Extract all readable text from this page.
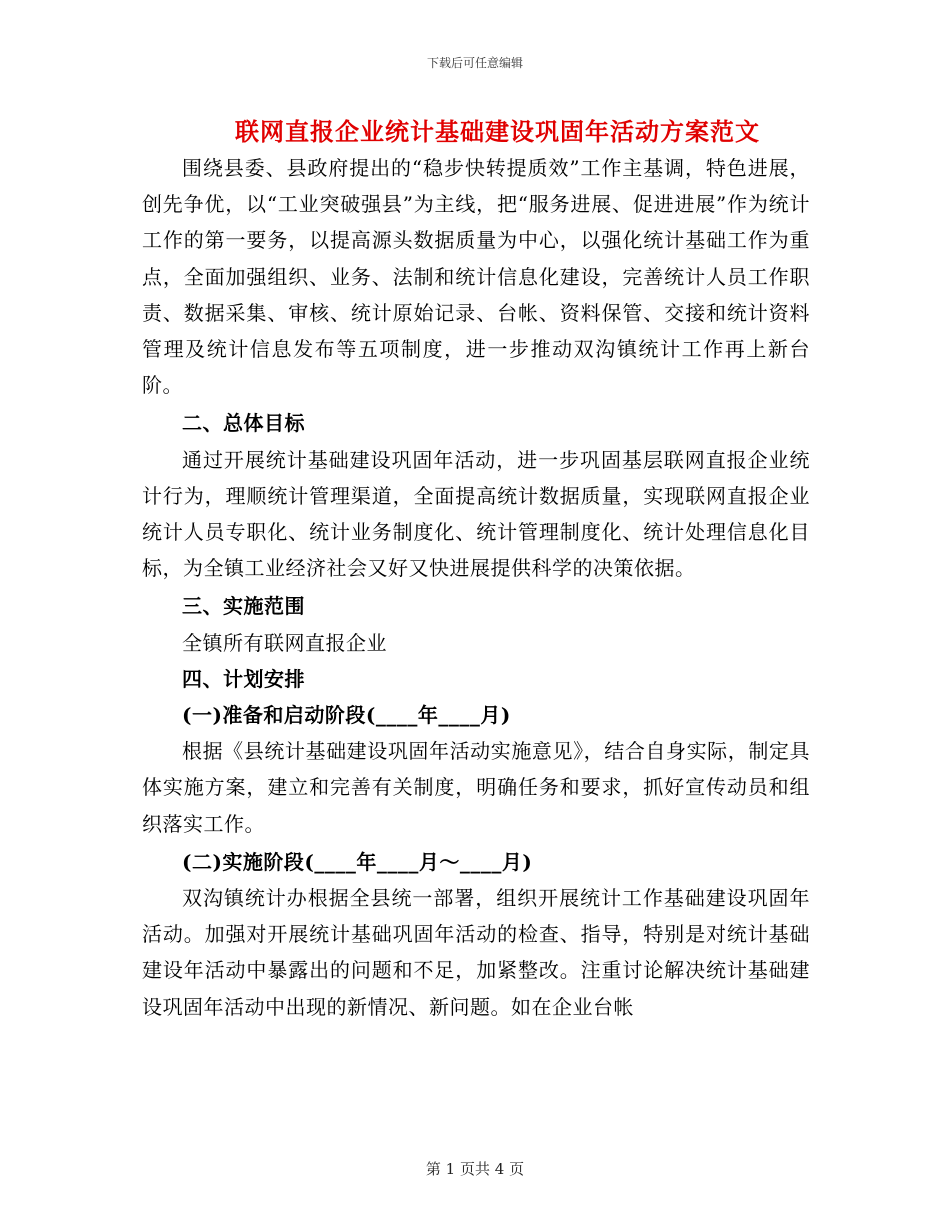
下载后可任意编辑
联网直报企业统计基础建设巩固年活动方案范文

围绕县委、县政府提出的“稳步快转提质效”工作主基调，特色进展，创先争优，以“工业突破强县”为主线，把“服务进展、促进进展”作为统计工作的第一要务，以提高源头数据质量为中心，以强化统计基础工作为重点，全面加强组织、业务、法制和统计信息化建设，完善统计人员工作职责、数据采集、审核、统计原始记录、台帐、资料保管、交接和统计资料管理及统计信息发布等五项制度，进一步推动双沟镇统计工作再上新台阶。

二、总体目标

通过开展统计基础建设巩固年活动，进一步巩固基层联网直报企业统计行为，理顺统计管理渠道，全面提高统计数据质量，实现联网直报企业统计人员专职化、统计业务制度化、统计管理制度化、统计处理信息化目标，为全镇工业经济社会又好又快进展提供科学的决策依据。

三、实施范围

全镇所有联网直报企业

四、计划安排

(一)准备和启动阶段(____年____月)

根据《县统计基础建设巩固年活动实施意见》，结合自身实际，制定具体实施方案，建立和完善有关制度，明确任务和要求，抓好宣传动员和组织落实工作。

(二)实施阶段(____年____月～____月)

双沟镇统计办根据全县统一部署，组织开展统计工作基础建设巩固年活动。加强对开展统计基础巩固年活动的检查、指导，特别是对统计基础建设年活动中暴露出的问题和不足，加紧整改。注重讨论解决统计基础建设巩固年活动中出现的新情况、新问题。如在企业台帐

第 1 页共 4 页
